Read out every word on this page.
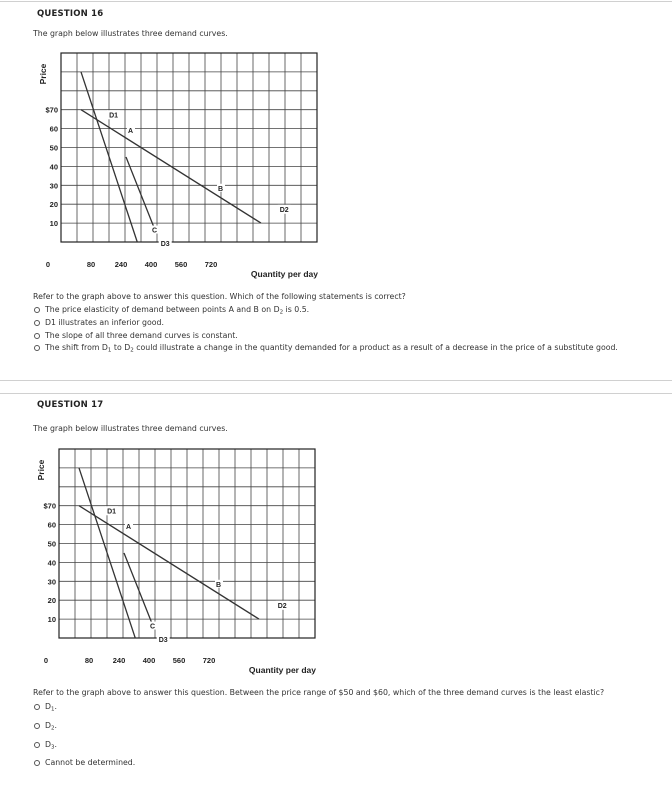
QUESTION 16
The graph below illustrates three demand curves.
Price
$70
60
50
40
30
20
10
0	80	240 400 560 720
Quantity per day
D1
D2
D3
A
B
C
Refer to the graph above to answer this question. Which of the following statements is correct?
The price elasticity of demand between points A and B on $D_2$ is 0.5.
D1 illustrates an inferior good.
The slope of all three demand curves is constant.
The shift from $D_1$ to $D_2$ could illustrate a change in the quantity demanded for a product as a result of a decrease in the price of a substitute good.
QUESTION 17
The graph below illustrates three demand curves.
Price
$70
60
50
40
30
20
10
0	80	240 400 560 720
Quantity per day
D1
D2
D3
A
B
C
Refer to the graph above to answer this question. Between the price range of $50 and $60, which of the three demand curves is the least elastic?
$D_1$.
$D_2$.
$D_3$.
Cannot be determined.
